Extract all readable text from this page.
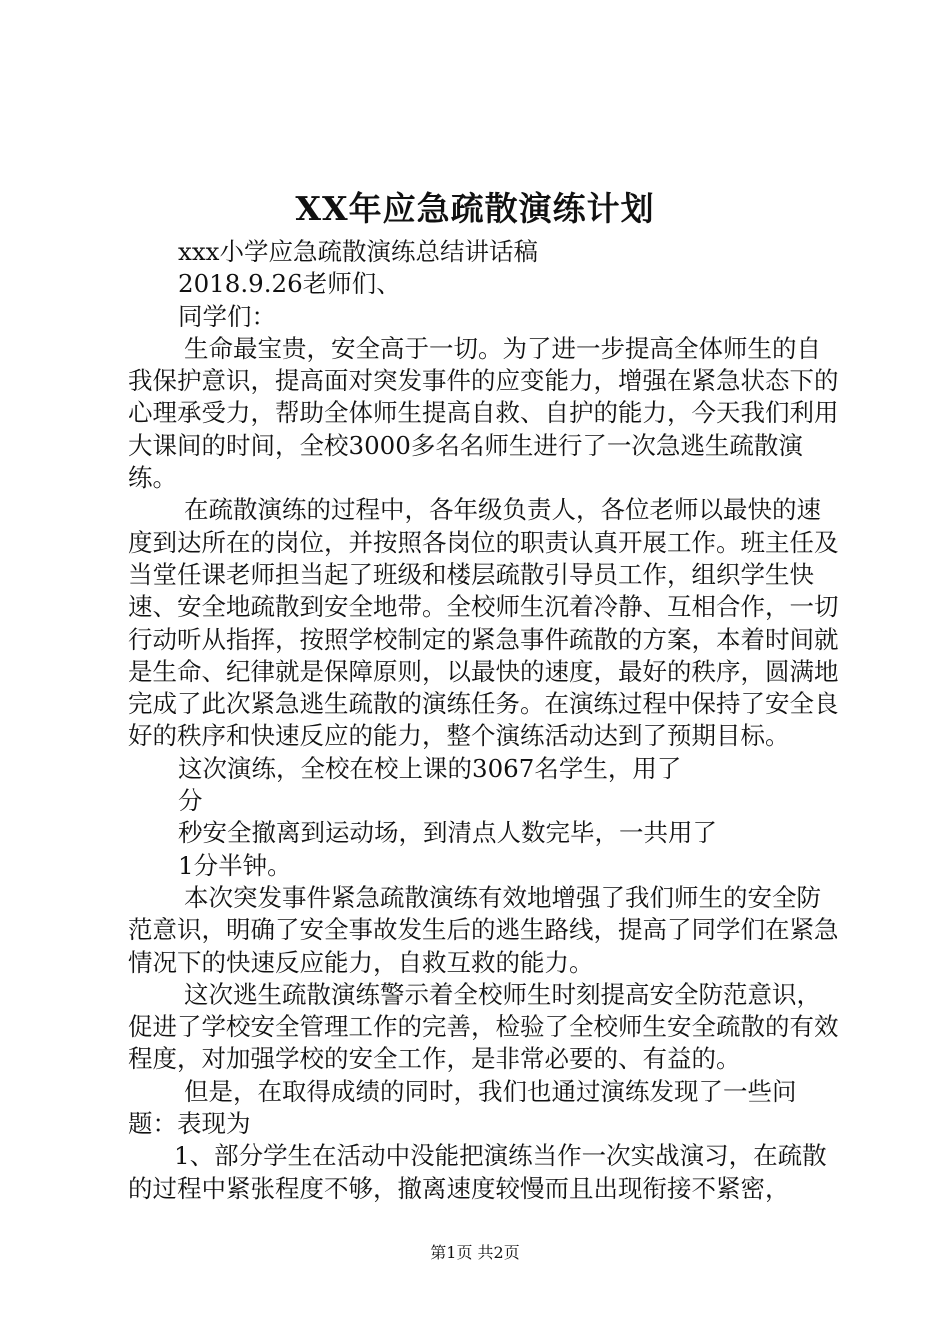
XX年应急疏散演练计划

xxx小学应急疏散演练总结讲话稿

2018.9.26老师们、

同学们：

生命最宝贵，安全高于一切。为了进一步提高全体师生的自我保护意识，提高面对突发事件的应变能力，增强在紧急状态下的心理承受力，帮助全体师生提高自救、自护的能力，今天我们利用大课间的时间，全校3000多名名师生进行了一次急逃生疏散演练。

在疏散演练的过程中，各年级负责人，各位老师以最快的速度到达所在的岗位，并按照各岗位的职责认真开展工作。班主任及当堂任课老师担当起了班级和楼层疏散引导员工作，组织学生快速、安全地疏散到安全地带。全校师生沉着冷静、互相合作，一切行动听从指挥，按照学校制定的紧急事件疏散的方案，本着时间就是生命、纪律就是保障原则，以最快的速度，最好的秩序，圆满地完成了此次紧急逃生疏散的演练任务。在演练过程中保持了安全良好的秩序和快速反应的能力，整个演练活动达到了预期目标。

这次演练，全校在校上课的3067名学生，用了

分

秒安全撤离到运动场，到清点人数完毕，一共用了

1分半钟。

本次突发事件紧急疏散演练有效地增强了我们师生的安全防范意识，明确了安全事故发生后的逃生路线，提高了同学们在紧急情况下的快速反应能力，自救互救的能力。

这次逃生疏散演练警示着全校师生时刻提高安全防范意识，促进了学校安全管理工作的完善，检验了全校师生安全疏散的有效程度，对加强学校的安全工作，是非常必要的、有益的。

但是，在取得成绩的同时，我们也通过演练发现了一些问题：表现为

1、部分学生在活动中没能把演练当作一次实战演习，在疏散的过程中紧张程度不够，撤离速度较慢而且出现衔接不紧密，

第1页 共2页
